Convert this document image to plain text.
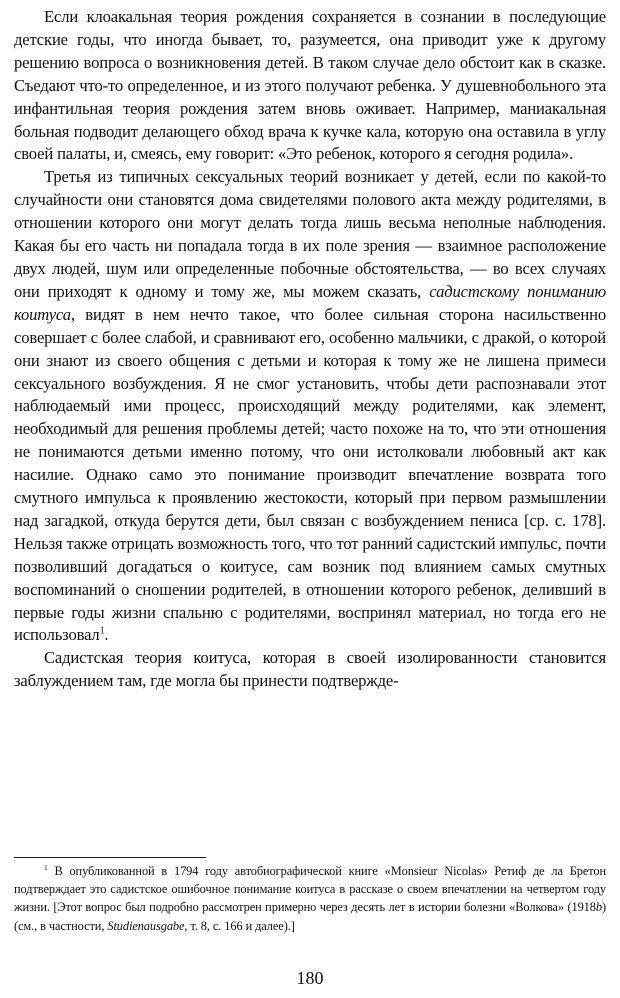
Если клоакальная теория рождения сохраняется в сознании в последующие детские годы, что иногда бывает, то, разумеется, она приводит уже к другому решению вопроса о возникновения детей. В таком случае дело обстоит как в сказке. Съедают что-то определенное, и из этого получают ребенка. У душевнобольного эта инфантильная теория рождения затем вновь оживает. Например, маниакальная больная подводит делающего обход врача к кучке кала, которую она оставила в углу своей палаты, и, смеясь, ему говорит: «Это ребенок, которого я сегодня родила».

Третья из типичных сексуальных теорий возникает у детей, если по какой-то случайности они становятся дома свидетелями полового акта между родителями, в отношении которого они могут делать тогда лишь весьма неполные наблюдения. Какая бы его часть ни попадала тогда в их поле зрения — взаимное расположение двух людей, шум или определенные побочные обстоятельства, — во всех случаях они приходят к одному и тому же, мы можем сказать, садистскому пониманию коитуса, видят в нем нечто такое, что более сильная сторона насильственно совершает с более слабой, и сравнивают его, особенно мальчики, с дракой, о которой они знают из своего общения с детьми и которая к тому же не лишена примеси сексуального возбуждения. Я не смог установить, чтобы дети распознавали этот наблюдаемый ими процесс, происходящий между родителями, как элемент, необходимый для решения проблемы детей; часто похоже на то, что эти отношения не понимаются детьми именно потому, что они истолковали любовный акт как насилие. Однако само это понимание производит впечатление возврата того смутного импульса к проявлению жестокости, который при первом размышлении над загадкой, откуда берутся дети, был связан с возбуждением пениса [ср. с. 178]. Нельзя также отрицать возможность того, что тот ранний садистский импульс, почти позволивший догадаться о коитусе, сам возник под влиянием самых смутных воспоминаний о сношении родителей, в отношении которого ребенок, деливший в первые годы жизни спальню с родителями, воспринял материал, но тогда его не использовал$^1$.

Садистская теория коитуса, которая в своей изолированности становится заблуждением там, где могла бы принести подтвержде-

$^1$ В опубликованной в 1794 году автобиографической книге «Monsieur Nicolas» Ретиф де ла Бретон подтверждает это садистское ошибочное понимание коитуса в рассказе о своем впечатлении на четвертом году жизни. [Этот вопрос был подробно рассмотрен примерно через десять лет в истории болезни «Волкова» (1918b) (см., в частности, Studienausgabe, т. 8, с. 166 и далее).]

180
